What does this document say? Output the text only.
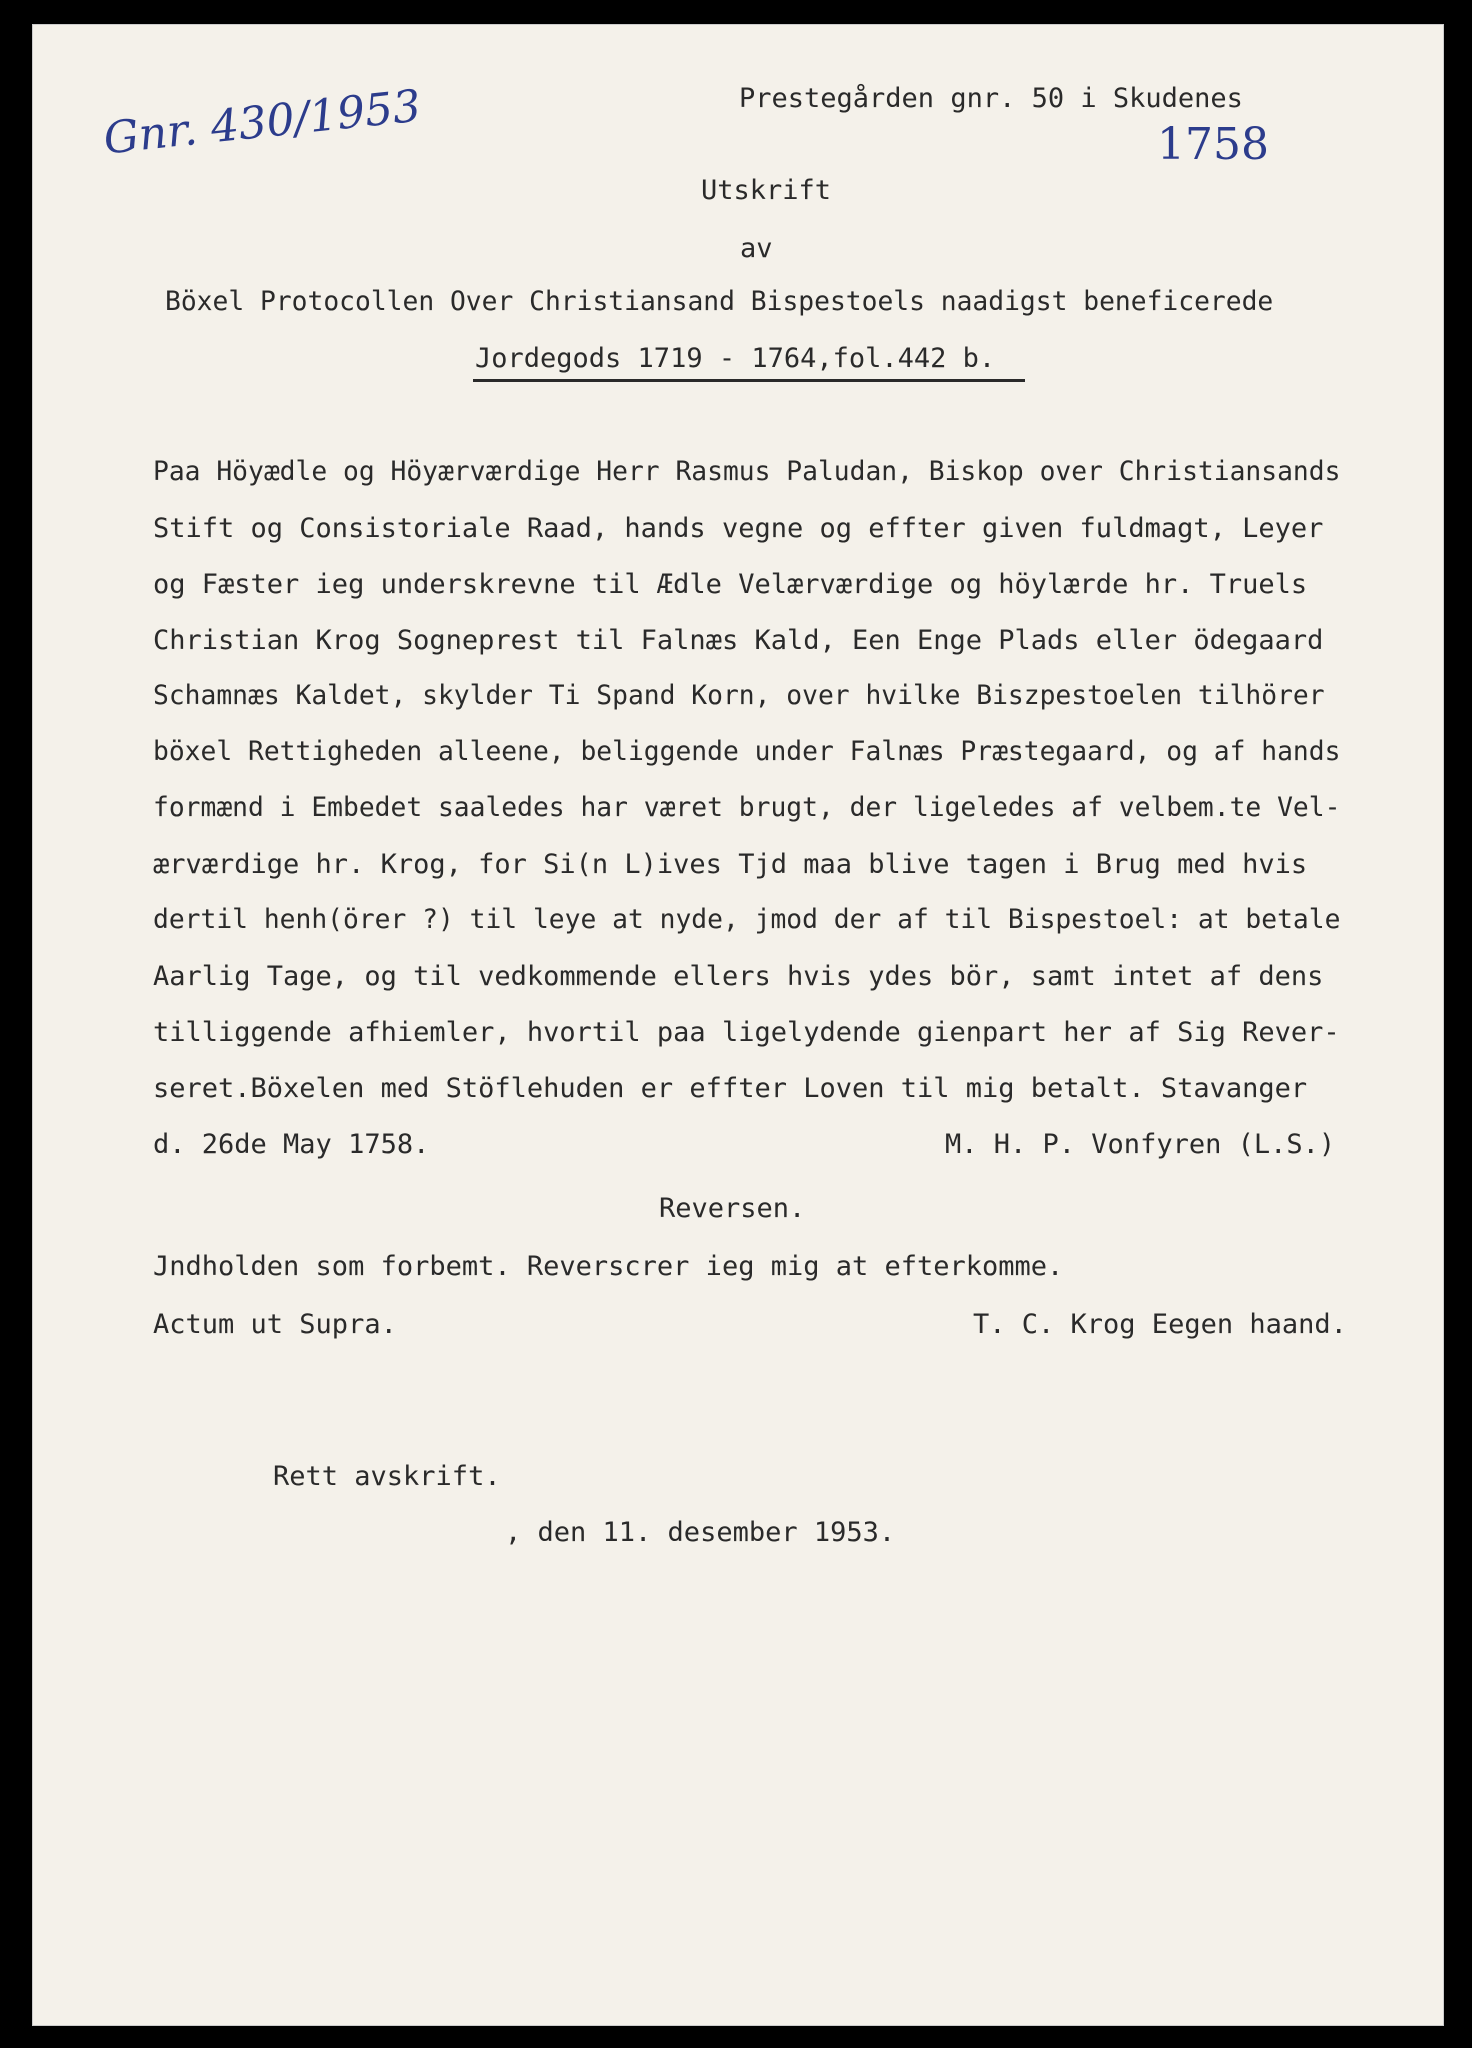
Gnr. 430/1953	Prestegården gnr. 50 i Skudenes
1758
Utskrift
av
Böxel Protocollen Over Christiansand Bispestoels naadigst beneficerede
Jordegods 1719 - 1764,fol.442 b.
Paa Höyædle og Höyærværdige Herr Rasmus Paludan, Biskop over Christiansands
Stift og Consistoriale Raad, hands vegne og effter given fuldmagt, Leyer
og Fæster ieg underskrevne til Ædle Velærværdige og höylærde hr. Truels
Christian Krog Sogneprest til Falnæs Kald, Een Enge Plads eller ödegaard
Schamnæs Kaldet, skylder Ti Spand Korn, over hvilke Biszpestoelen tilhörer
böxel Rettigheden alleene, beliggende under Falnæs Præstegaard, og af hands
formænd i Embedet saaledes har været brugt, der ligeledes af velbem.te Vel-
ærværdige hr. Krog, for Si(n L)ives Tjd maa blive tagen i Brug med hvis
dertil henh(örer ?) til leye at nyde, jmod der af til Bispestoel: at betale
Aarlig Tage, og til vedkommende ellers hvis ydes bör, samt intet af dens
tilliggende afhiemler, hvortil paa ligelydende gienpart her af Sig Rever-
seret.Böxelen med Stöflehuden er effter Loven til mig betalt. Stavanger
d. 26de May 1758.	M. H. P. Vonfyren (L.S.)
Reversen.
Jndholden som forbemt. Reverscrer ieg mig at efterkomme.
Actum ut Supra.	T. C. Krog Eegen haand.
Rett avskrift.
, den 11. desember 1953.
